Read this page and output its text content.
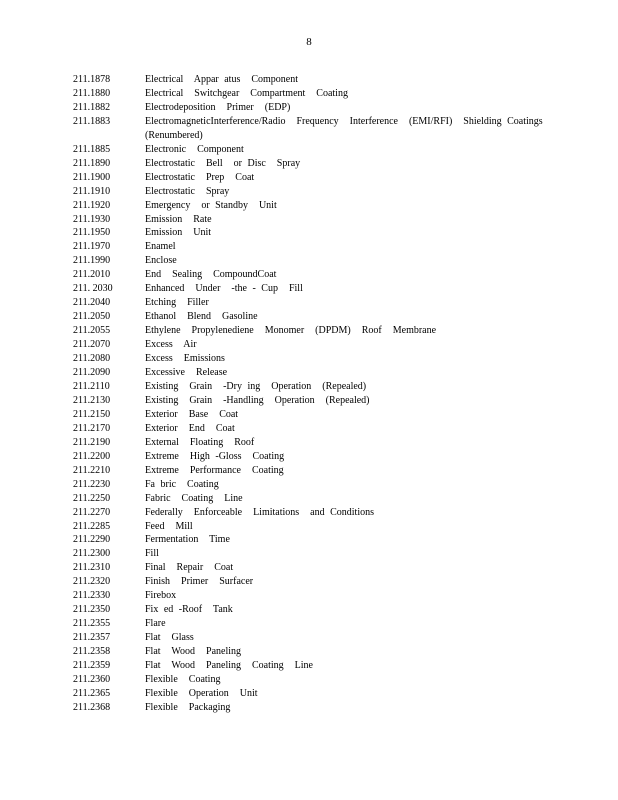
8
211.1878	Electrical  Appar atus  Component
211.1880	Electrical  Switchgear  Compartment  Coating
211.1882	Electrodeposition  Primer  (EDP)
211.1883	ElectromagneticInterference/Radio  Frequency  Interference  (EMI/RFI)  Shielding Coatings  (Renumbered)
211.1885	Electronic  Component
211.1890	Electrostatic  Bell  or Disc  Spray
211.1900	Electrostatic  Prep  Coat
211.1910	Electrostatic  Spray
211.1920	Emergency  or Standby  Unit
211.1930	Emission  Rate
211.1950	Emission  Unit
211.1970	Enamel
211.1990	Enclose
211.2010	End  Sealing  CompoundCoat
211. 2030	Enhanced  Under  -the - Cup  Fill
211.2040	Etching  Filler
211.2050	Ethanol  Blend  Gasoline
211.2055	Ethylene  Propylenediene  Monomer  (DPDM)  Roof  Membrane
211.2070	Excess  Air
211.2080	Excess  Emissions
211.2090	Excessive  Release
211.2110	Existing  Grain  -Dry ing  Operation  (Repealed)
211.2130	Existing  Grain  -Handling  Operation  (Repealed)
211.2150	Exterior  Base  Coat
211.2170	Exterior  End  Coat
211.2190	External  Floating  Roof
211.2200	Extreme  High -Gloss  Coating
211.2210	Extreme  Performance  Coating
211.2230	Fa bric  Coating
211.2250	Fabric  Coating  Line
211.2270	Federally  Enforceable  Limitations  and Conditions
211.2285	Feed  Mill
211.2290	Fermentation  Time
211.2300	Fill
211.2310	Final  Repair  Coat
211.2320	Finish  Primer  Surfacer
211.2330	Firebox
211.2350	Fix ed -Roof  Tank
211.2355	Flare
211.2357	Flat  Glass
211.2358	Flat  Wood  Paneling
211.2359	Flat  Wood  Paneling  Coating  Line
211.2360	Flexible  Coating
211.2365	Flexible  Operation  Unit
211.2368	Flexible  Packaging
